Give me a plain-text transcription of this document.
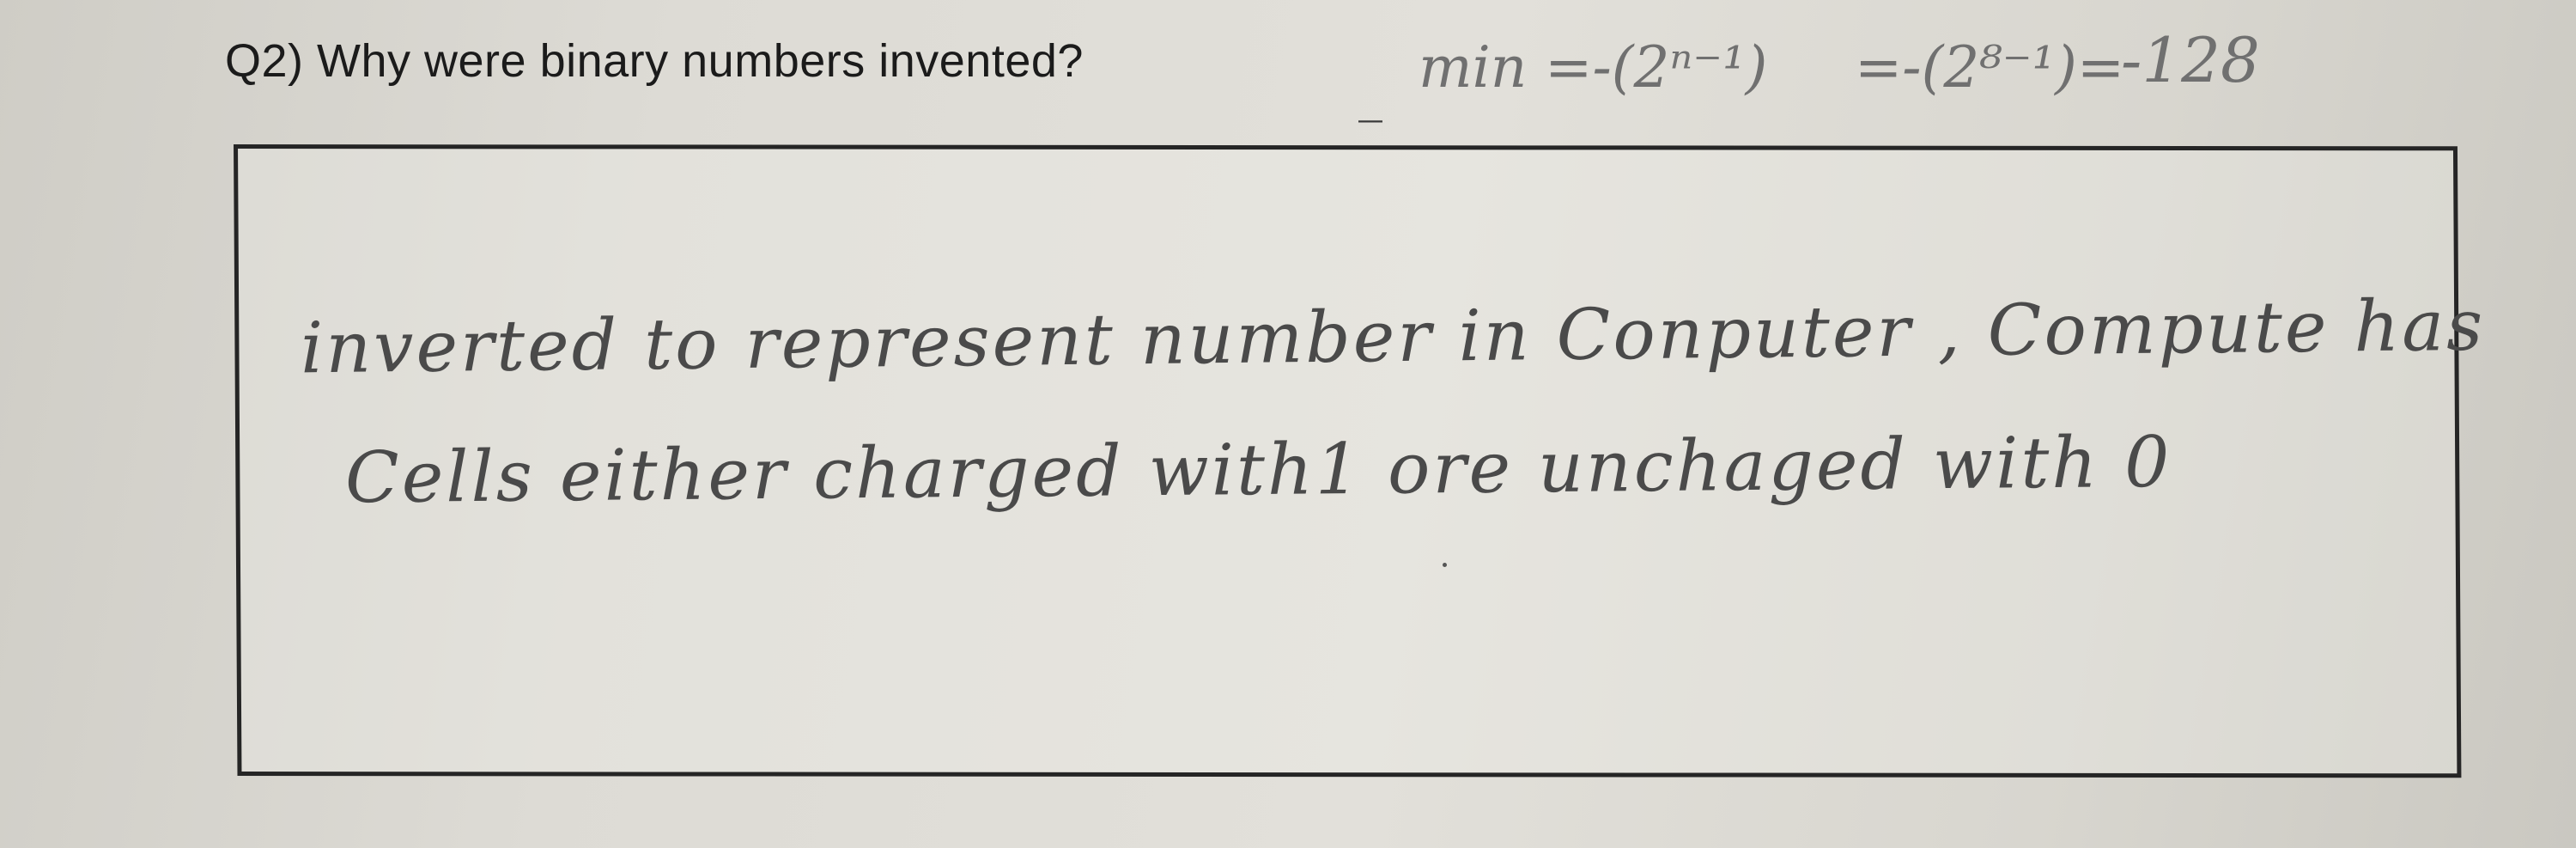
Q2) Why were binary numbers invented?
_ min =-(2ⁿ⁻¹) =-(2⁸⁻¹)=
-128
inverted to represent number in Conputer , Compute has
Cells either charged with1 ore unchaged with 0
